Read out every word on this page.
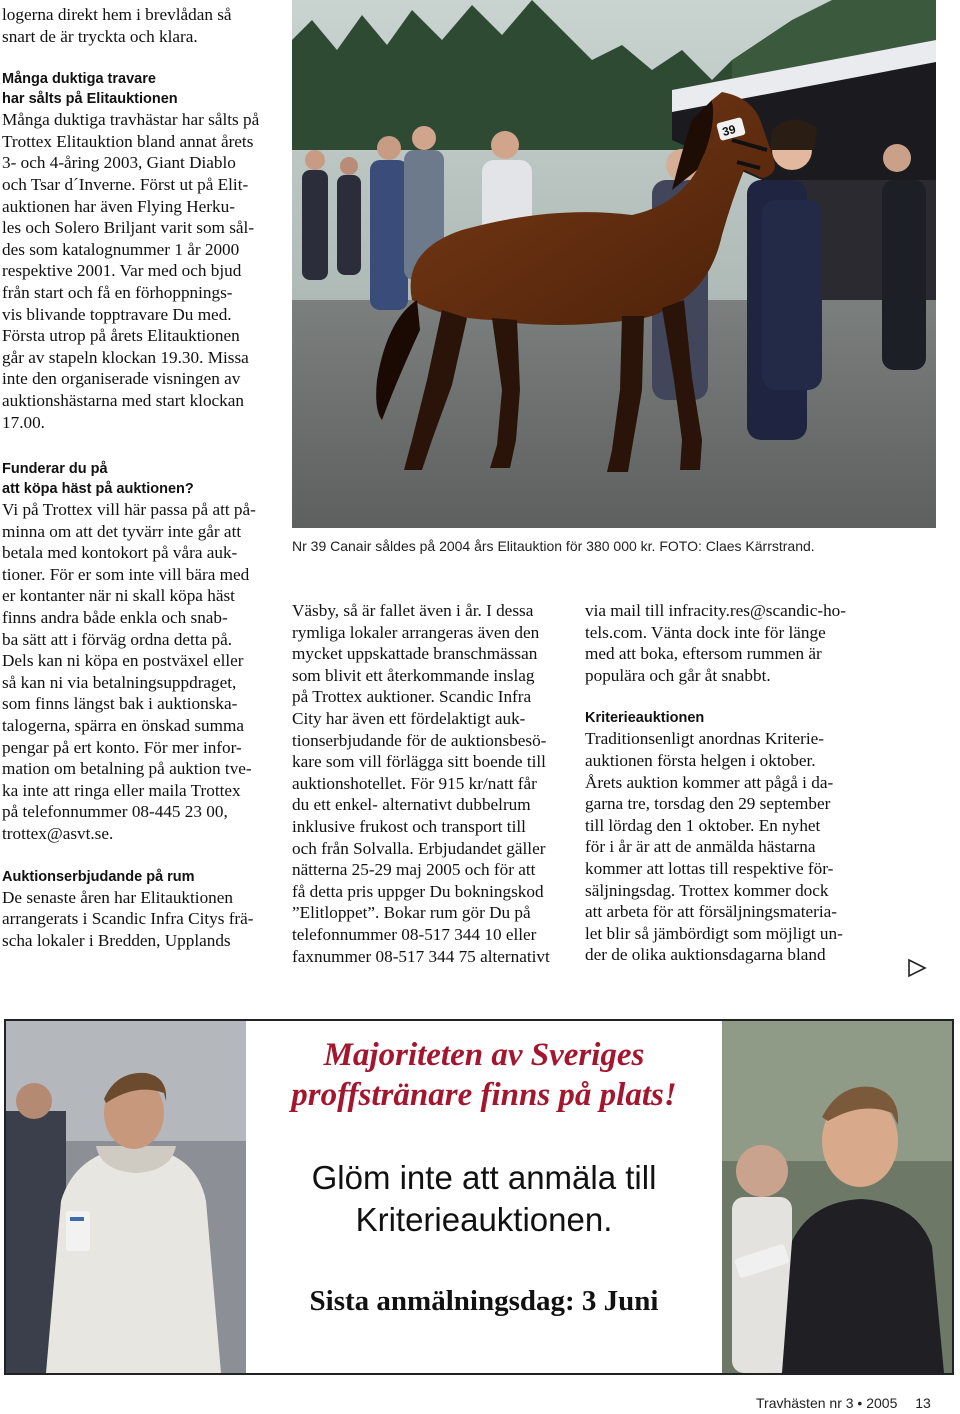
logerna direkt hem i brevlådan så
snart de är tryckta och klara.

Många duktiga travare
har sålts på Elitauktionen

Många duktiga travhästar har sålts på
Trottex Elitauktion bland annat årets
3- och 4-åring 2003, Giant Diablo
och Tsar d´Inverne. Först ut på Elit-
auktionen har även Flying Herku-
les och Solero Briljant varit som sål-
des som katalognummer 1 år 2000
respektive 2001. Var med och bjud
från start och få en förhoppnings-
vis blivande topptravare Du med.
Första utrop på årets Elitauktionen
går av stapeln klockan 19.30. Missa
inte den organiserade visningen av
auktionshästarna med start klockan
17.00.

Funderar du på
att köpa häst på auktionen?

Vi på Trottex vill här passa på att på-
minna om att det tyvärr inte går att
betala med kontokort på våra auk-
tioner. För er som inte vill bära med
er kontanter när ni skall köpa häst
finns andra både enkla och snab-
ba sätt att i förväg ordna detta på.
Dels kan ni köpa en postväxel eller
så kan ni via betalningsuppdraget,
som finns längst bak i auktionska-
talogerna, spärra en önskad summa
pengar på ert konto. För mer infor-
mation om betalning på auktion tve-
ka inte att ringa eller maila Trottex
på telefonnummer 08-445 23 00,
trottex@asvt.se.

Auktionserbjudande på rum

De senaste åren har Elitauktionen
arrangerats i Scandic Infra Citys frä-
scha lokaler i Bredden, Upplands

39
Nr 39 Canair såldes på 2004 års Elitauktion för 380 000 kr. FOTO: Claes Kärrstrand.

Väsby, så är fallet även i år. I dessa
rymliga lokaler arrangeras även den
mycket uppskattade branschmässan
som blivit ett återkommande inslag
på Trottex auktioner. Scandic Infra
City har även ett fördelaktigt auk-
tionserbjudande för de auktionsbesö-
kare som vill förlägga sitt boende till
auktionshotellet. För 915 kr/natt får
du ett enkel- alternativt dubbelrum
inklusive frukost och transport till
och från Solvalla. Erbjudandet gäller
nätterna 25-29 maj 2005 och för att
få detta pris uppger Du bokningskod
”Elitloppet”. Bokar rum gör Du på
telefonnummer 08-517 344 10 eller
faxnummer 08-517 344 75 alternativt

via mail till infracity.res@scandic-ho-
tels.com. Vänta dock inte för länge
med att boka, eftersom rummen är
populära och går åt snabbt.

Kriterieauktionen

Traditionsenligt anordnas Kriterie-
auktionen första helgen i oktober.
Årets auktion kommer att pågå i da-
garna tre, torsdag den 29 september
till lördag den 1 oktober. En nyhet
för i år är att de anmälda hästarna
kommer att lottas till respektive för-
säljningsdag. Trottex kommer dock
att arbeta för att försäljningsmateria-
let blir så jämbördigt som möjligt un-
der de olika auktionsdagarna bland

Majoriteten av Sveriges
proffstränare finns på plats!
Glöm inte att anmäla till
Kriterieauktionen.
Sista anmälningsdag: 3 Juni
Travhästen nr 3 • 2005 13
